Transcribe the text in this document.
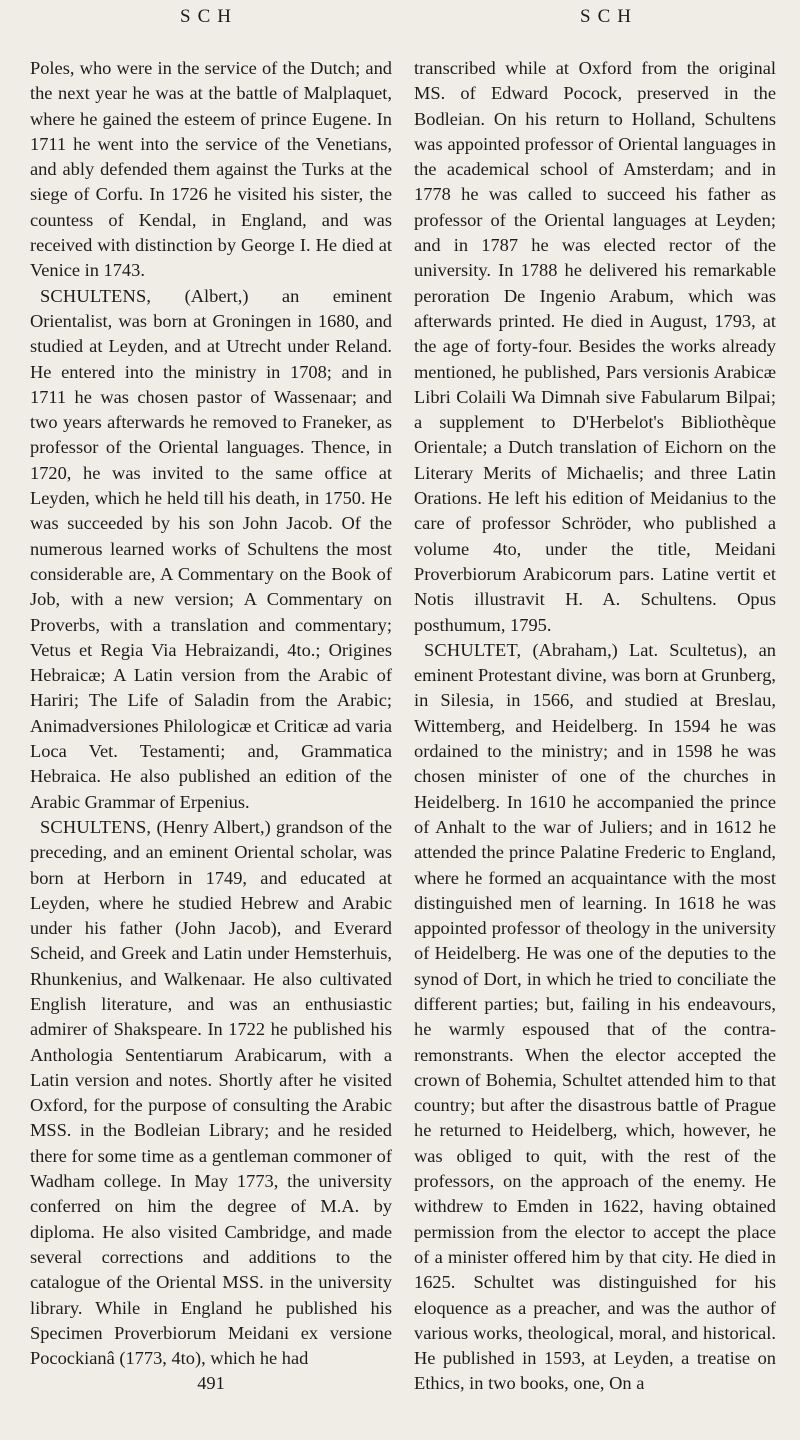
SCH	SCH

Poles, who were in the service of the Dutch; and the next year he was at the battle of Malplaquet, where he gained the esteem of prince Eugene. In 1711 he went into the service of the Venetians, and ably defended them against the Turks at the siege of Corfu. In 1726 he visited his sister, the countess of Kendal, in England, and was received with distinction by George I. He died at Venice in 1743.

SCHULTENS, (Albert,) an eminent Orientalist, was born at Groningen in 1680, and studied at Leyden, and at Utrecht under Reland. He entered into the ministry in 1708; and in 1711 he was chosen pastor of Wassenaar; and two years afterwards he removed to Franeker, as professor of the Oriental languages. Thence, in 1720, he was invited to the same office at Leyden, which he held till his death, in 1750. He was succeeded by his son John Jacob. Of the numerous learned works of Schultens the most considerable are, A Commentary on the Book of Job, with a new version; A Commentary on Proverbs, with a translation and commentary; Vetus et Regia Via Hebraizandi, 4to.; Origines Hebraicæ; A Latin version from the Arabic of Hariri; The Life of Saladin from the Arabic; Animadversiones Philologicæ et Criticæ ad varia Loca Vet. Testamenti; and, Grammatica Hebraica. He also published an edition of the Arabic Grammar of Erpenius.

SCHULTENS, (Henry Albert,) grandson of the preceding, and an eminent Oriental scholar, was born at Herborn in 1749, and educated at Leyden, where he studied Hebrew and Arabic under his father (John Jacob), and Everard Scheid, and Greek and Latin under Hemsterhuis, Rhunkenius, and Walkenaar. He also cultivated English literature, and was an enthusiastic admirer of Shakspeare. In 1722 he published his Anthologia Sententiarum Arabicarum, with a Latin version and notes. Shortly after he visited Oxford, for the purpose of consulting the Arabic MSS. in the Bodleian Library; and he resided there for some time as a gentleman commoner of Wadham college. In May 1773, the university conferred on him the degree of M.A. by diploma. He also visited Cambridge, and made several corrections and additions to the catalogue of the Oriental MSS. in the university library. While in England he published his Specimen Proverbiorum Meidani ex versione Pocockianâ (1773, 4to), which he had

491

transcribed while at Oxford from the original MS. of Edward Pocock, preserved in the Bodleian. On his return to Holland, Schultens was appointed professor of Oriental languages in the academical school of Amsterdam; and in 1778 he was called to succeed his father as professor of the Oriental languages at Leyden; and in 1787 he was elected rector of the university. In 1788 he delivered his remarkable peroration De Ingenio Arabum, which was afterwards printed. He died in August, 1793, at the age of forty-four. Besides the works already mentioned, he published, Pars versionis Arabicæ Libri Colaili Wa Dimnah sive Fabularum Bilpai; a supplement to D'Herbelot's Bibliothèque Orientale; a Dutch translation of Eichorn on the Literary Merits of Michaelis; and three Latin Orations. He left his edition of Meidanius to the care of professor Schröder, who published a volume 4to, under the title, Meidani Proverbiorum Arabicorum pars. Latine vertit et Notis illustravit H. A. Schultens. Opus posthumum, 1795.

SCHULTET, (Abraham,) Lat. Scultetus), an eminent Protestant divine, was born at Grunberg, in Silesia, in 1566, and studied at Breslau, Wittemberg, and Heidelberg. In 1594 he was ordained to the ministry; and in 1598 he was chosen minister of one of the churches in Heidelberg. In 1610 he accompanied the prince of Anhalt to the war of Juliers; and in 1612 he attended the prince Palatine Frederic to England, where he formed an acquaintance with the most distinguished men of learning. In 1618 he was appointed professor of theology in the university of Heidelberg. He was one of the deputies to the synod of Dort, in which he tried to conciliate the different parties; but, failing in his endeavours, he warmly espoused that of the contra-remonstrants. When the elector accepted the crown of Bohemia, Schultet attended him to that country; but after the disastrous battle of Prague he returned to Heidelberg, which, however, he was obliged to quit, with the rest of the professors, on the approach of the enemy. He withdrew to Emden in 1622, having obtained permission from the elector to accept the place of a minister offered him by that city. He died in 1625. Schultet was distinguished for his eloquence as a preacher, and was the author of various works, theological, moral, and historical. He published in 1593, at Leyden, a treatise on Ethics, in two books, one, On a
